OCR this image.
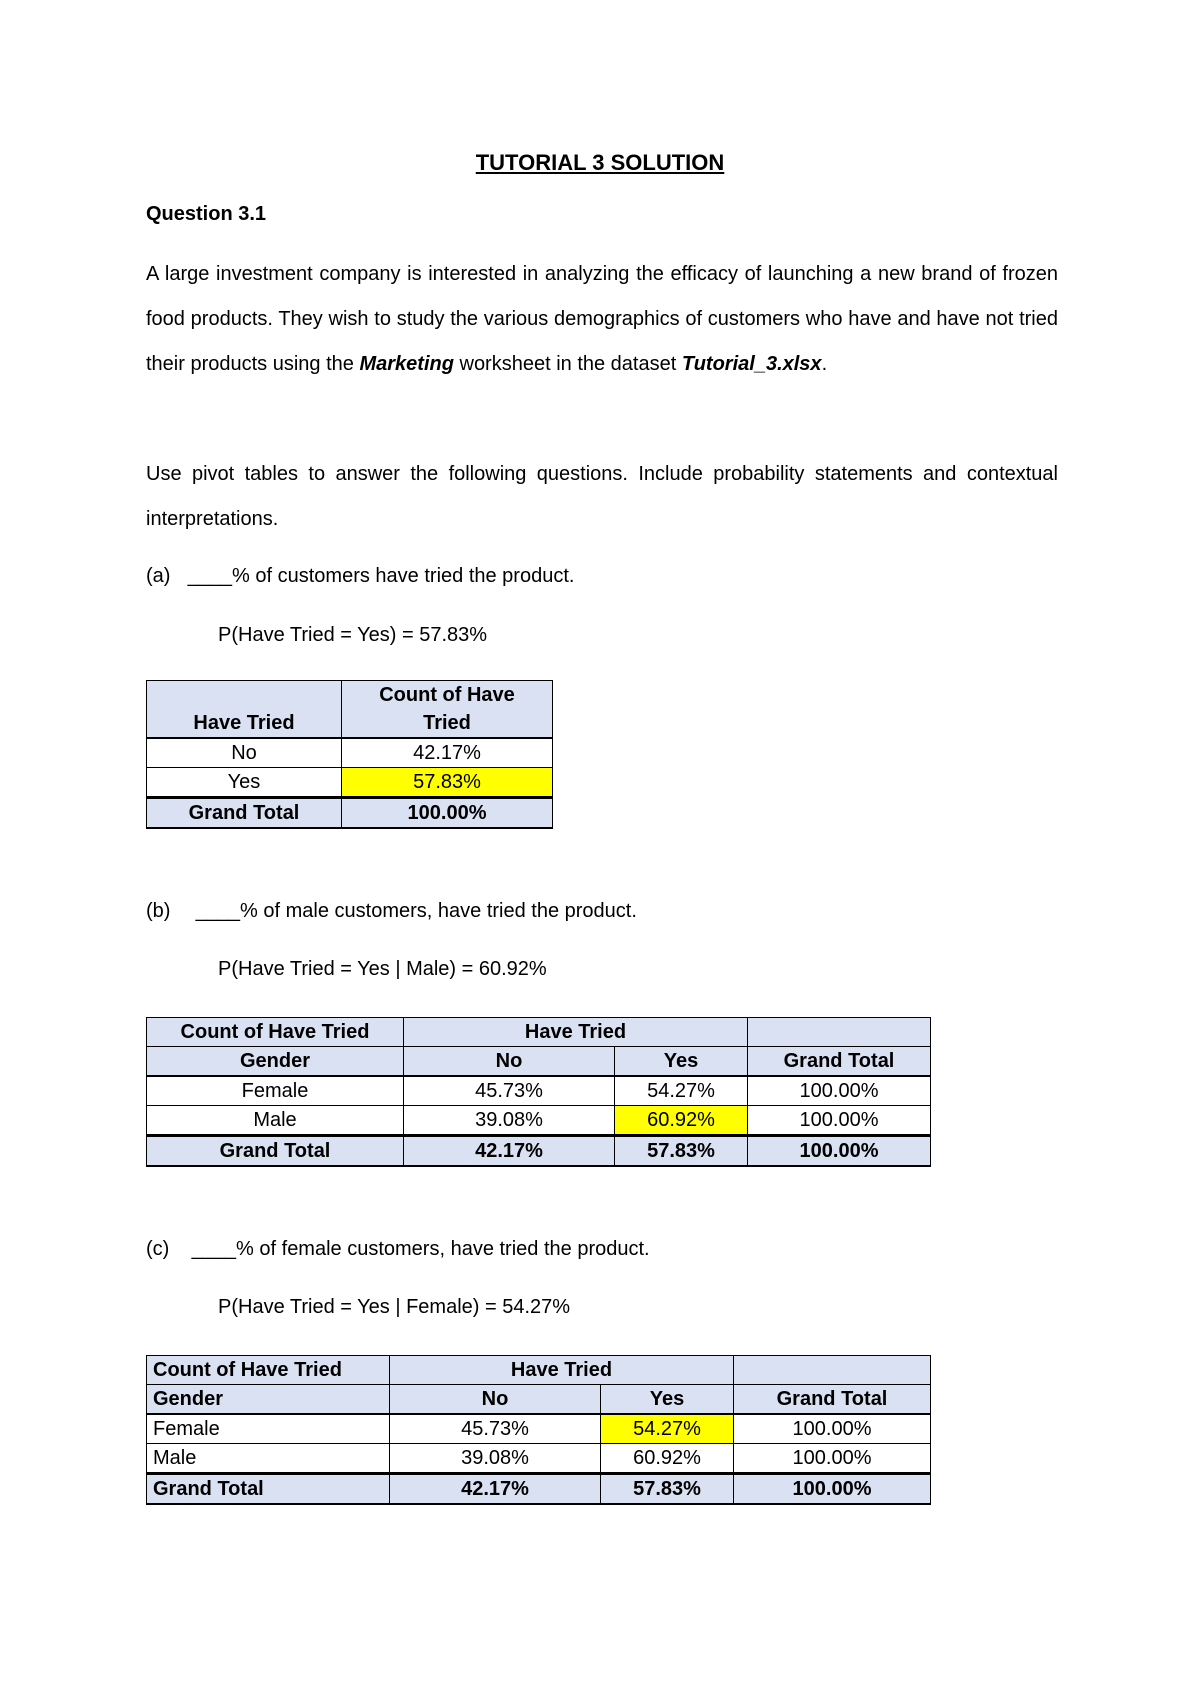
TUTORIAL 3 SOLUTION
Question 3.1
A large investment company is interested in analyzing the efficacy of launching a new brand of frozen food products. They wish to study the various demographics of customers who have and have not tried their products using the Marketing worksheet in the dataset Tutorial_3.xlsx.
Use pivot tables to answer the following questions. Include probability statements and contextual interpretations.
(a) ____% of customers have tried the product.
P(Have Tried = Yes) = 57.83%
Have Tried	Count of Have
Tried

No	42.17%
Yes	57.83%
Grand Total	100.00%
(b) ____% of male customers, have tried the product.
P(Have Tried = Yes | Male) = 60.92%
Count of Have Tried	Have Tried		
Gender	No	Yes	Grand Total
Female	45.73%	54.27%	100.00%
Male	39.08%	60.92%	100.00%
Grand Total	42.17%	57.83%	100.00%
(c) ____% of female customers, have tried the product.
P(Have Tried = Yes | Female) = 54.27%
Count of Have Tried	Have Tried		
Gender	No	Yes	Grand Total
Female	45.73%	54.27%	100.00%
Male	39.08%	60.92%	100.00%
Grand Total	42.17%	57.83%	100.00%
